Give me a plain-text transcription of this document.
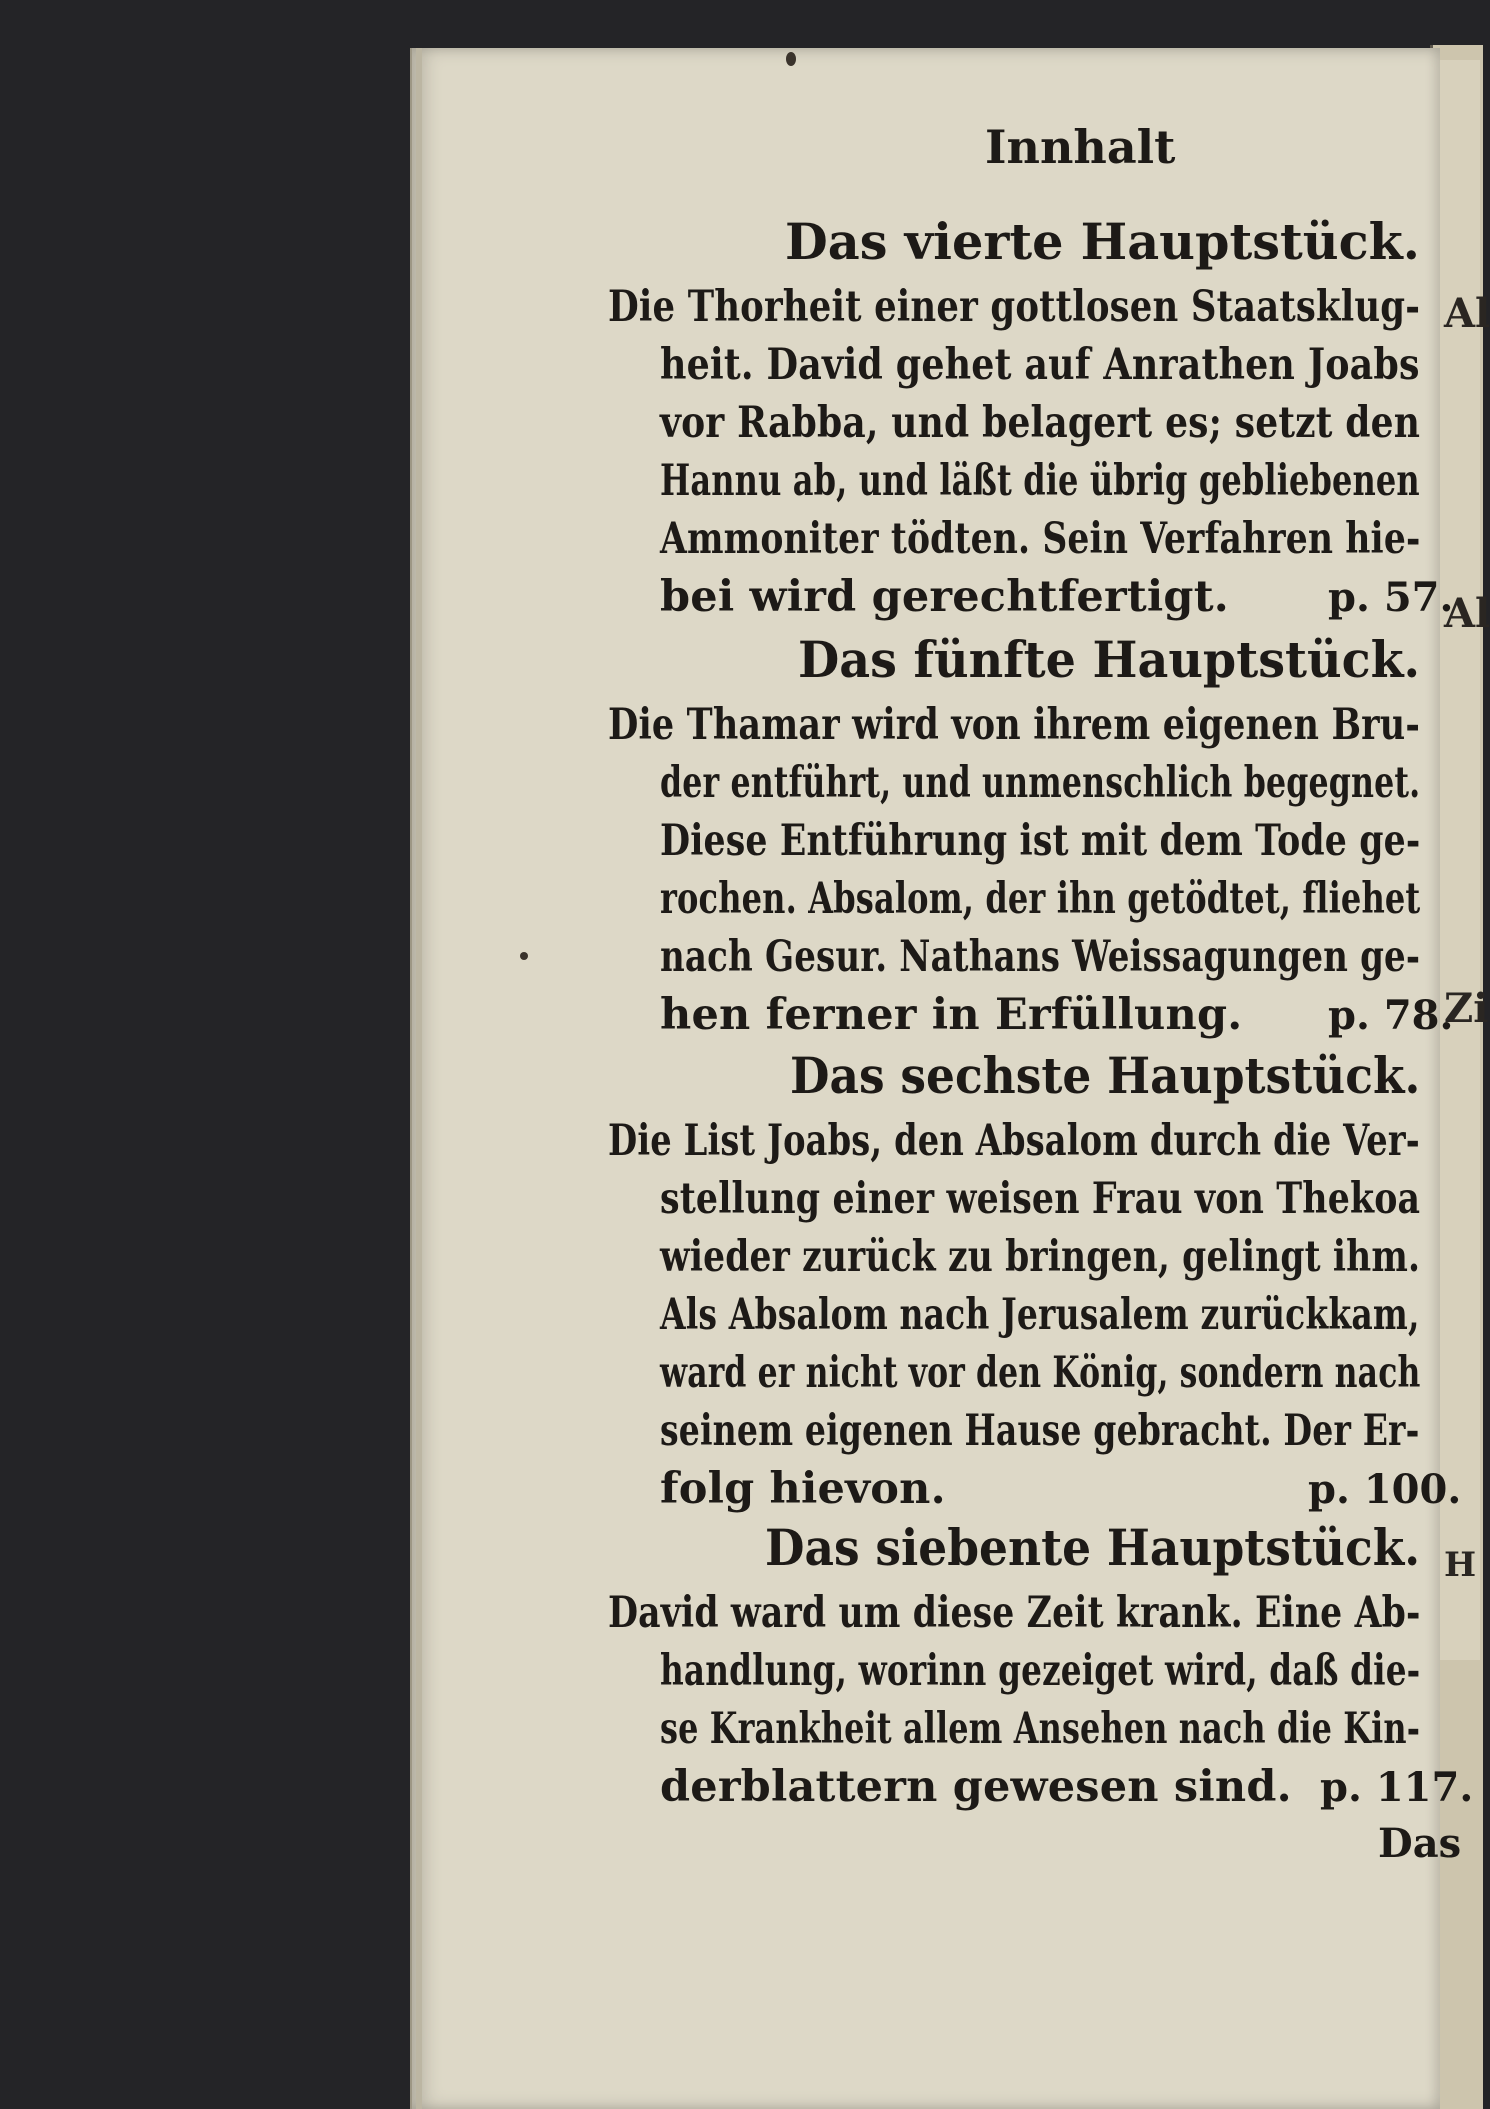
Al
Al
Zi
H
Innhalt
Das vierte Hauptstück.
Die Thorheit einer gottlosen Staatsklug-
heit. David gehet auf Anrathen Joabs
vor Rabba, und belagert es; setzt den
Hannu ab, und läßt die übrig gebliebenen
Ammoniter tödten. Sein Verfahren hie-
bei wird gerechtfertigt. p. 57.
Das fünfte Hauptstück.
Die Thamar wird von ihrem eigenen Bru-
der entführt, und unmenschlich begegnet.
Diese Entführung ist mit dem Tode ge-
rochen. Absalom, der ihn getödtet, fliehet
nach Gesur. Nathans Weissagungen ge-
hen ferner in Erfüllung. p. 78.
Das sechste Hauptstück.
Die List Joabs, den Absalom durch die Ver-
stellung einer weisen Frau von Thekoa
wieder zurück zu bringen, gelingt ihm.
Als Absalom nach Jerusalem zurückkam,
ward er nicht vor den König, sondern nach
seinem eigenen Hause gebracht. Der Er-
folg hievon.	p. 100.
Das siebente Hauptstück.
David ward um diese Zeit krank. Eine Ab-
handlung, worinn gezeiget wird, daß die-
se Krankheit allem Ansehen nach die Kin-
derblattern gewesen sind. p. 117.
Das
